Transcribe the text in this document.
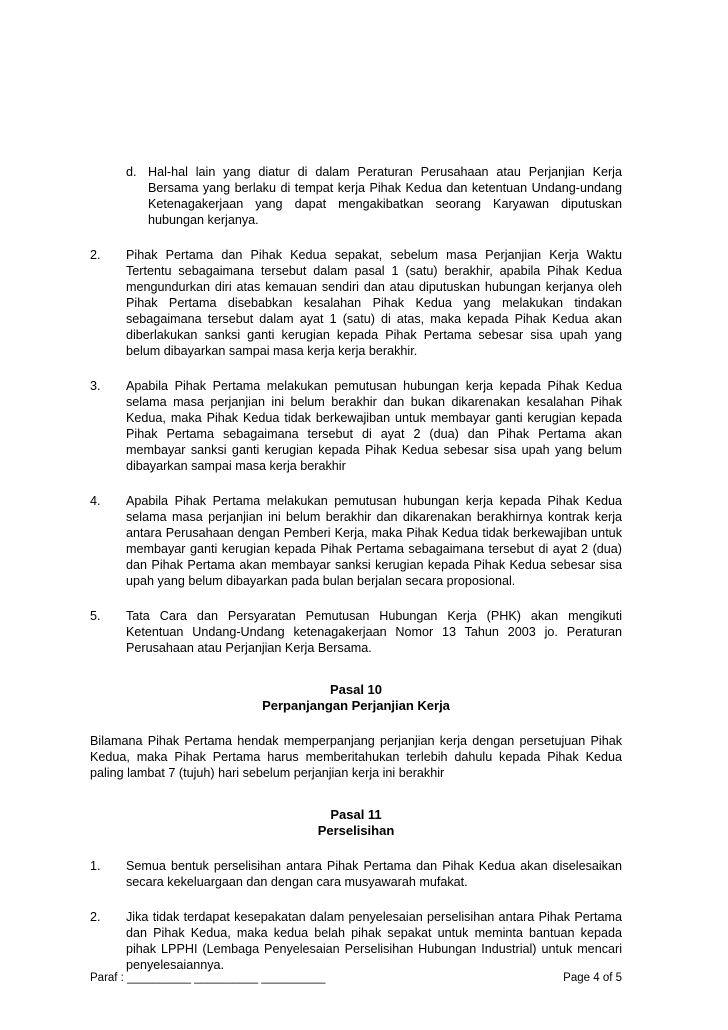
d. Hal-hal lain yang diatur di dalam Peraturan Perusahaan atau Perjanjian Kerja Bersama yang berlaku di tempat kerja Pihak Kedua dan ketentuan Undang-undang Ketenagakerjaan yang dapat mengakibatkan seorang Karyawan diputuskan hubungan kerjanya.

2.	Pihak Pertama dan Pihak Kedua sepakat, sebelum masa Perjanjian Kerja Waktu Tertentu sebagaimana tersebut dalam pasal 1 (satu) berakhir, apabila Pihak Kedua mengundurkan diri atas kemauan sendiri dan atau diputuskan hubungan kerjanya oleh Pihak Pertama disebabkan kesalahan Pihak Kedua yang melakukan tindakan sebagaimana tersebut dalam ayat 1 (satu) di atas, maka kepada Pihak Kedua akan diberlakukan sanksi ganti kerugian kepada Pihak Pertama sebesar sisa upah yang belum dibayarkan sampai masa kerja kerja berakhir.

3.	Apabila Pihak Pertama melakukan pemutusan hubungan kerja kepada Pihak Kedua selama masa perjanjian ini belum berakhir dan bukan dikarenakan kesalahan Pihak Kedua, maka Pihak Kedua tidak berkewajiban untuk membayar ganti kerugian kepada Pihak Pertama sebagaimana tersebut di ayat 2 (dua) dan Pihak Pertama akan membayar sanksi ganti kerugian kepada Pihak Kedua sebesar sisa upah yang belum dibayarkan sampai masa kerja berakhir

4.	Apabila Pihak Pertama melakukan pemutusan hubungan kerja kepada Pihak Kedua selama masa perjanjian ini belum berakhir dan dikarenakan berakhirnya kontrak kerja antara Perusahaan dengan Pemberi Kerja, maka Pihak Kedua tidak berkewajiban untuk membayar ganti kerugian kepada Pihak Pertama sebagaimana tersebut di ayat 2 (dua) dan Pihak Pertama akan membayar sanksi kerugian kepada Pihak Kedua sebesar sisa upah yang belum dibayarkan pada bulan berjalan secara proposional.

5.	Tata Cara dan Persyaratan Pemutusan Hubungan Kerja (PHK) akan mengikuti Ketentuan Undang-Undang ketenagakerjaan Nomor 13 Tahun 2003 jo. Peraturan Perusahaan atau Perjanjian Kerja Bersama.

Pasal 10
Perpanjangan Perjanjian Kerja

Bilamana Pihak Pertama hendak memperpanjang perjanjian kerja dengan persetujuan Pihak Kedua, maka Pihak Pertama harus memberitahukan terlebih dahulu kepada Pihak Kedua paling lambat 7 (tujuh) hari sebelum perjanjian kerja ini berakhir

Pasal 11
Perselisihan
1.	Semua bentuk perselisihan antara Pihak Pertama dan Pihak Kedua akan diselesaikan secara kekeluargaan dan dengan cara musyawarah mufakat.

2.	Jika tidak terdapat kesepakatan dalam penyelesaian perselisihan antara Pihak Pertama dan Pihak Kedua, maka kedua belah pihak sepakat untuk meminta bantuan kepada pihak LPPHI (Lembaga Penyelesaian Perselisihan Hubungan Industrial) untuk mencari penyelesaiannya.

Paraf : __________ __________ __________	Page 4 of 5
